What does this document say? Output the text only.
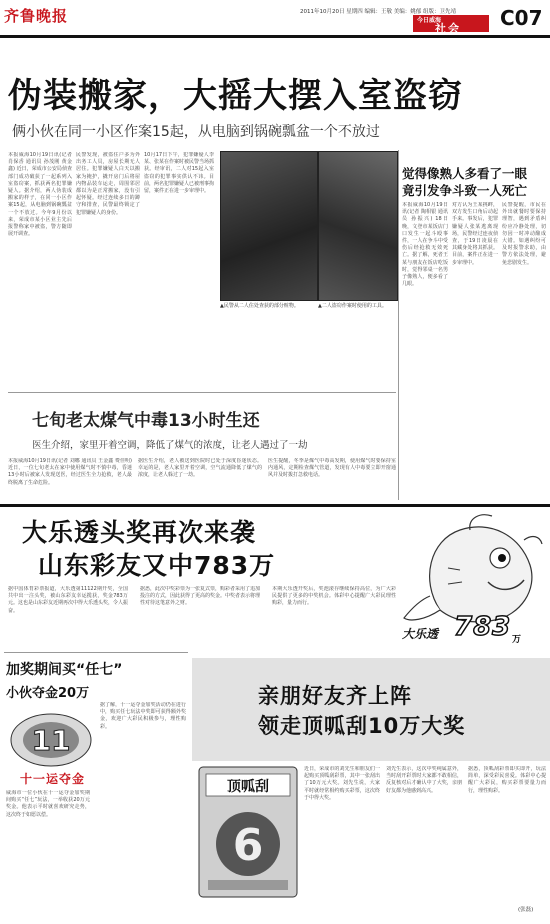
齐鲁晚报	2011年10月20日 星期四 编辑：王敬 美编：姚郁 组版：卫先靖
今日威海
社会 C07
伪装搬家，大摇大摆入室盗窃
俩小伙在同一小区作案15起，从电脑到锅碗瓢盆一个不放过
本报威海10月19日讯(记者 肖保香 通讯员 孙茂刚 黄金鑫) 近日，荣成市公安局侦查部门成功破获了一起系列入室盗窃案，抓获两名犯罪嫌疑人。据介绍，两人伪装成搬家的样子，在同一小区作案15起，从电脑到锅碗瓢盆一个不放过。今年9月份以来，荣成市某小区业主先后报警称家中被盗，警方随即展开调查。
民警发现，被盗住户多为外出务工人员，房屋长期无人居住。犯罪嫌疑人白天以搬家为掩护，撬开房门后将屋内物品装车运走，周围邻居都以为是正常搬家，没有引起怀疑。经过连续多日的蹲守和排查，民警最终锁定了犯罪嫌疑人的身份。
10月17日下午，犯罪嫌疑人李某、张某在作案时被民警当场抓获。经审讯，二人对15起入室盗窃的犯罪事实供认不讳。目前，两名犯罪嫌疑人已被刑事拘留，案件正在进一步审理中。
▲民警从二人住处查获的部分赃物。	▲二人盗窃作案时使用的工具。
觉得像熟人多看了一眼
竟引发争斗致一人死亡
本报威海10月19日讯(记者 陶相银 通讯员 孙振兴) 18日晚，文登市某饭店门口发生一起斗殴事件，一人在争斗中受伤后经抢救无效死亡。据了解，死者王某与朋友在饭店吃饭时，觉得邻桌一名男子像熟人，便多看了几眼。
对方认为王某挑衅，双方发生口角后动起手来。事发后，犯罪嫌疑人张某逃离现场，民警经过连夜侦查，于19日凌晨在其藏身处将其抓获。目前，案件正在进一步审理中。
民警提醒，市民在外出就餐时要保持理智，遇到矛盾纠纷应冷静处理，切勿因一时冲动酿成大错。如遇纠纷可及时报警求助，由警方依法处理，避免悲剧发生。
七旬老太煤气中毒13小时生还
医生介绍，家里开着空调，降低了煤气的浓度，让老人遇过了一劫
本报威海10月19日讯(记者 刘娜 通讯员 王金鑫 费佳明) 近日，一位七旬老太在家中使用煤气时不慎中毒，昏迷13小时后被家人发现送医，经过医生全力抢救，老人最终脱离了生命危险。
据医生介绍，老人被送到医院时已处于深度昏迷状态。幸运的是，老人家里开着空调，空气流通降低了煤气的浓度，让老人躲过了一劫。
医生提醒，冬季是煤气中毒高发期，使用煤气时要保持室内通风，定期检查煤气管道，发现有人中毒要立即开窗通风并及时拨打急救电话。
大乐透头奖再次来袭
山东彩友又中783万
据中国体育彩票报道，大乐透第11122期开奖，全国共中出一注头奖，被山东彩友幸运揽获，奖金783万元。这也是山东彩友近期再次中得大乐透头奖，令人振奋。
据悉，此次中奖彩票为一张复式票，购彩者采用了追加投注的方式，因此获得了更高的奖金。中奖者表示将理性对待这笔意外之财。
本期大乐透开奖后，奖池滚存继续保持高位，为广大彩民提供了更多的中奖机会。体彩中心提醒广大彩民理性购彩，量力而行。
大乐透 783 万
加奖期间买“任七”
小伙夺金20万
11
十一运夺金
威海市一位小伙在十一运夺金加奖期间购买“任七”玩法，一举收获20万元奖金。他表示平时就喜欢研究走势，这次终于如愿以偿。
据了解，十一运夺金加奖活动仍在进行中，购买任七玩法中奖即可获得额外奖金，欢迎广大彩民积极参与，理性购彩。
亲朋好友齐上阵
领走顶呱刮10万大奖
顶呱刮
6
近日，荣成市的刘先生和朋友们一起购买顶呱刮彩票，其中一张刮出了10万元大奖。刘先生说，大家平时就经常相约购买彩票，这次终于中得大奖。
刘先生表示，这次中奖纯属意外，当时刮开彩票时大家都不敢相信，反复核对后才确认中了大奖，亲朋好友都为他感到高兴。
据悉，顶呱刮彩票即买即开，玩法简单，深受彩民喜爱。体彩中心提醒广大彩民，购买彩票要量力而行，理性购彩。
(张磊)
